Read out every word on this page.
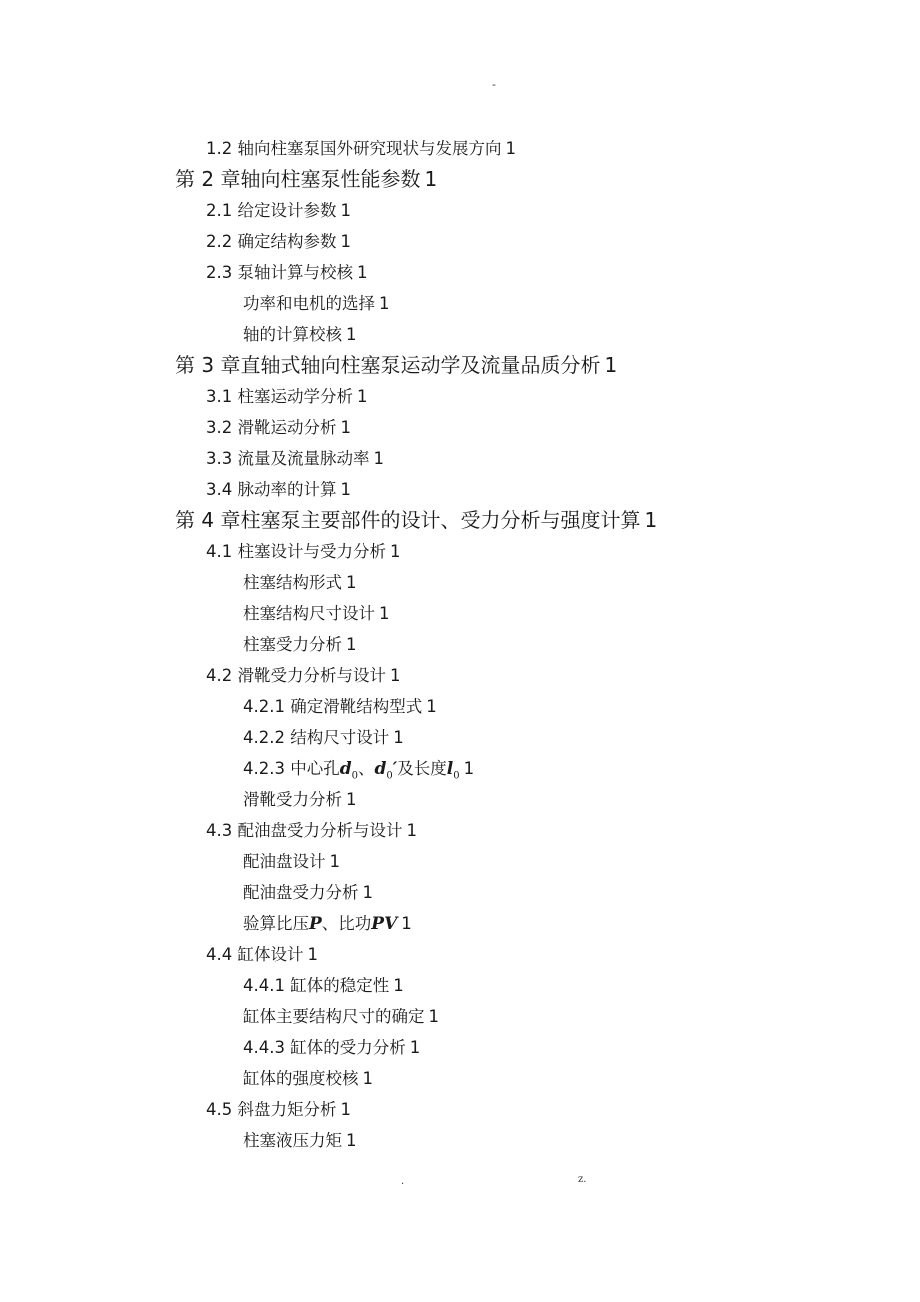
-
1.2 轴向柱塞泵国外研究现状与发展方向 1
第 2 章轴向柱塞泵性能参数 1
2.1 给定设计参数 1
2.2 确定结构参数 1
2.3 泵轴计算与校核 1
功率和电机的选择 1
轴的计算校核 1
第 3 章直轴式轴向柱塞泵运动学及流量品质分析 1
3.1 柱塞运动学分析 1
3.2 滑靴运动分析 1
3.3 流量及流量脉动率 1
3.4 脉动率的计算 1
第 4 章柱塞泵主要部件的设计、受力分析与强度计算 1
4.1 柱塞设计与受力分析 1
柱塞结构形式 1
柱塞结构尺寸设计 1
柱塞受力分析 1
4.2 滑靴受力分析与设计 1
4.2.1 确定滑靴结构型式 1
4.2.2 结构尺寸设计 1
4.2.3 中心孔$d_0$、$d_0'$及长度$l_0$ 1
滑靴受力分析 1
4.3 配油盘受力分析与设计 1
配油盘设计 1
配油盘受力分析 1
验算比压P、比功PV 1
4.4 缸体设计 1
4.4.1 缸体的稳定性 1
缸体主要结构尺寸的确定 1
4.4.3 缸体的受力分析 1
缸体的强度校核 1
4.5 斜盘力矩分析 1
柱塞液压力矩 1
.	z.
